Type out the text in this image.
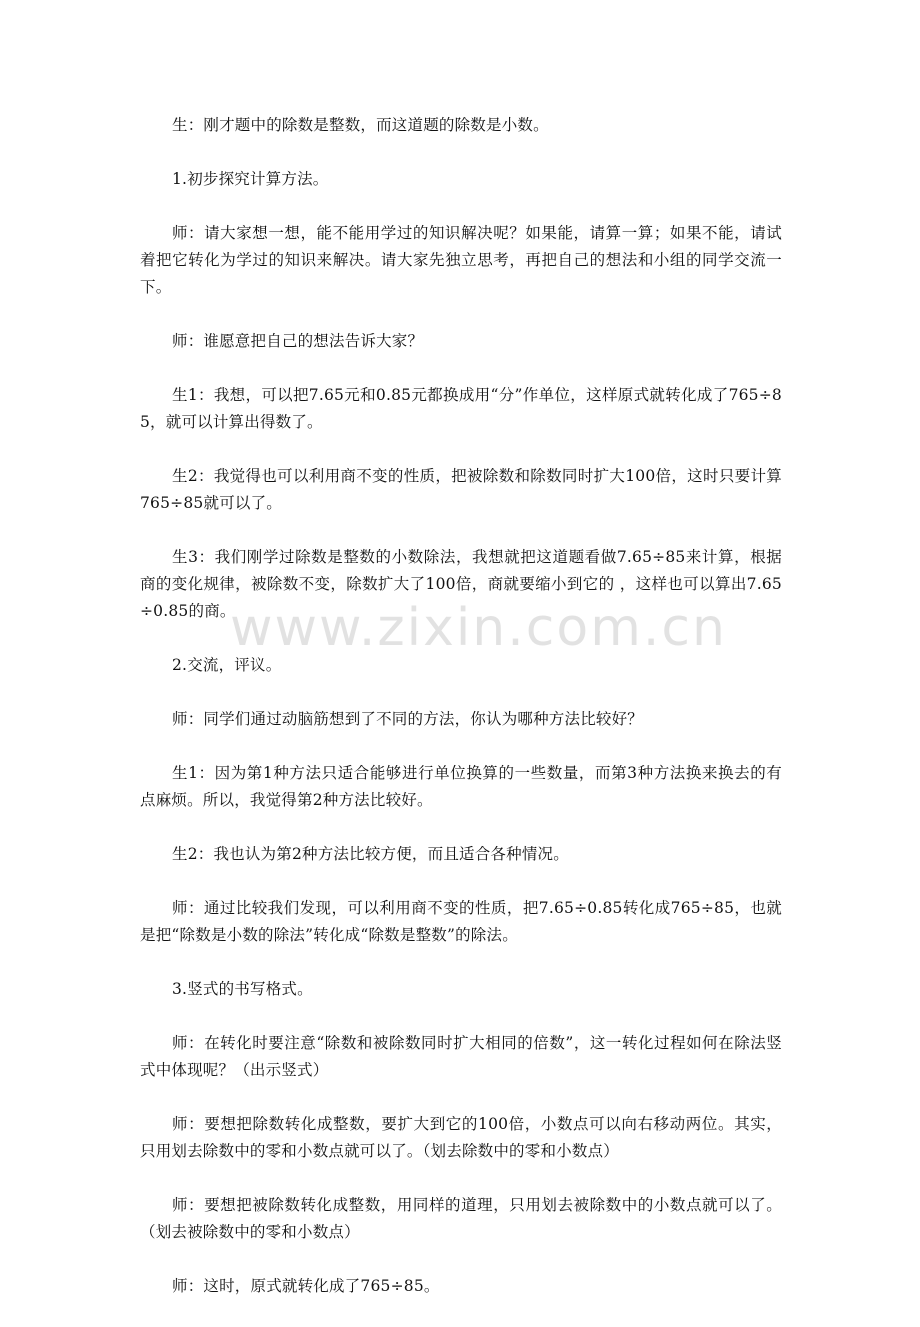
www.zixin.com.cn

生：刚才题中的除数是整数，而这道题的除数是小数。

1.初步探究计算方法。

师：请大家想一想，能不能用学过的知识解决呢？如果能，请算一算；如果不能，请试着把它转化为学过的知识来解决。请大家先独立思考，再把自己的想法和小组的同学交流一下。

师：谁愿意把自己的想法告诉大家？

生1：我想，可以把7.65元和0.85元都换成用“分”作单位，这样原式就转化成了765÷85，就可以计算出得数了。

生2：我觉得也可以利用商不变的性质，把被除数和除数同时扩大100倍，这时只要计算765÷85就可以了。

生3：我们刚学过除数是整数的小数除法，我想就把这道题看做7.65÷85来计算，根据商的变化规律，被除数不变，除数扩大了100倍，商就要缩小到它的 ，这样也可以算出7.65÷0.85的商。

2.交流，评议。

师：同学们通过动脑筋想到了不同的方法，你认为哪种方法比较好？

生1：因为第1种方法只适合能够进行单位换算的一些数量，而第3种方法换来换去的有点麻烦。所以，我觉得第2种方法比较好。

生2：我也认为第2种方法比较方便，而且适合各种情况。

师：通过比较我们发现，可以利用商不变的性质，把7.65÷0.85转化成765÷85，也就是把“除数是小数的除法”转化成“除数是整数”的除法。

3.竖式的书写格式。

师：在转化时要注意“除数和被除数同时扩大相同的倍数”，这一转化过程如何在除法竖式中体现呢？（出示竖式）

师：要想把除数转化成整数，要扩大到它的100倍，小数点可以向右移动两位。其实，只用划去除数中的零和小数点就可以了。（划去除数中的零和小数点）

师：要想把被除数转化成整数，用同样的道理，只用划去被除数中的小数点就可以了。（划去被除数中的零和小数点）

师：这时，原式就转化成了765÷85。
